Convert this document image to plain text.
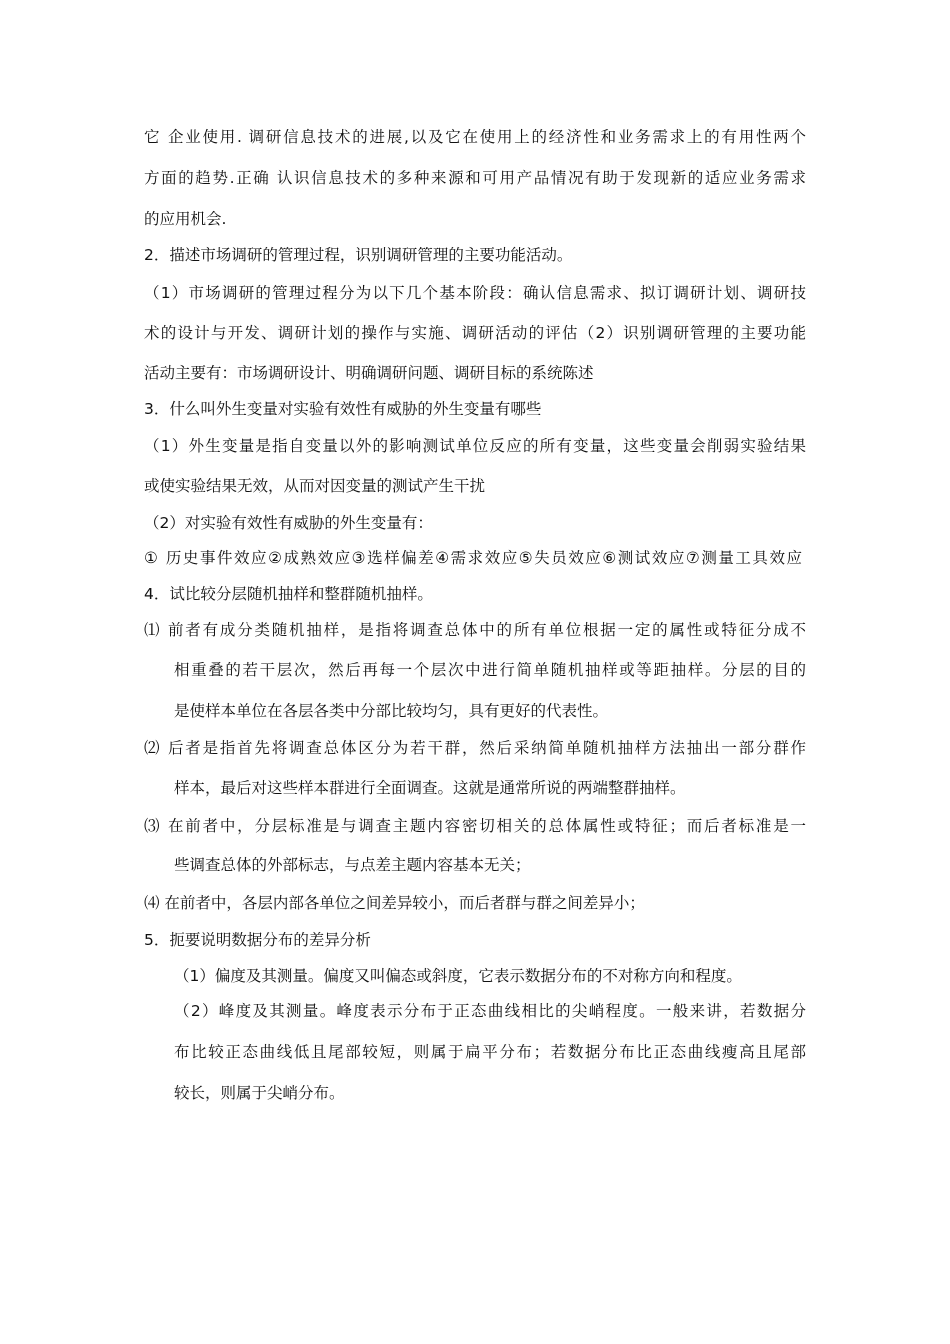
它 企业使用. 调研信息技术的进展,以及它在使用上的经济性和业务需求上的有用性两个

方面的趋势.正确 认识信息技术的多种来源和可用产品情况有助于发现新的适应业务需求

的应用机会.

2．描述市场调研的管理过程，识别调研管理的主要功能活动。

（1）市场调研的管理过程分为以下几个基本阶段：确认信息需求、拟订调研计划、调研技

术的设计与开发、调研计划的操作与实施、调研活动的评估（2）识别调研管理的主要功能

活动主要有：市场调研设计、明确调研问题、调研目标的系统陈述

3．什么叫外生变量对实验有效性有威胁的外生变量有哪些

（1）外生变量是指自变量以外的影响测试单位反应的所有变量，这些变量会削弱实验结果

或使实验结果无效，从而对因变量的测试产生干扰

（2）对实验有效性有威胁的外生变量有：

① 历史事件效应②成熟效应③选样偏差④需求效应⑤失员效应⑥测试效应⑦测量工具效应

4．试比较分层随机抽样和整群随机抽样。

⑴ 前者有成分类随机抽样，是指将调查总体中的所有单位根据一定的属性或特征分成不

相重叠的若干层次，然后再每一个层次中进行简单随机抽样或等距抽样。分层的目的

是使样本单位在各层各类中分部比较均匀，具有更好的代表性。

⑵ 后者是指首先将调查总体区分为若干群，然后采纳简单随机抽样方法抽出一部分群作

样本，最后对这些样本群进行全面调查。这就是通常所说的两端整群抽样。

⑶ 在前者中，分层标准是与调查主题内容密切相关的总体属性或特征；而后者标准是一

些调查总体的外部标志，与点差主题内容基本无关；

⑷ 在前者中，各层内部各单位之间差异较小，而后者群与群之间差异小；

5．扼要说明数据分布的差异分析

（1）偏度及其测量。偏度又叫偏态或斜度，它表示数据分布的不对称方向和程度。

（2）峰度及其测量。峰度表示分布于正态曲线相比的尖峭程度。一般来讲，若数据分

布比较正态曲线低且尾部较短，则属于扁平分布；若数据分布比正态曲线瘦高且尾部

较长，则属于尖峭分布。
